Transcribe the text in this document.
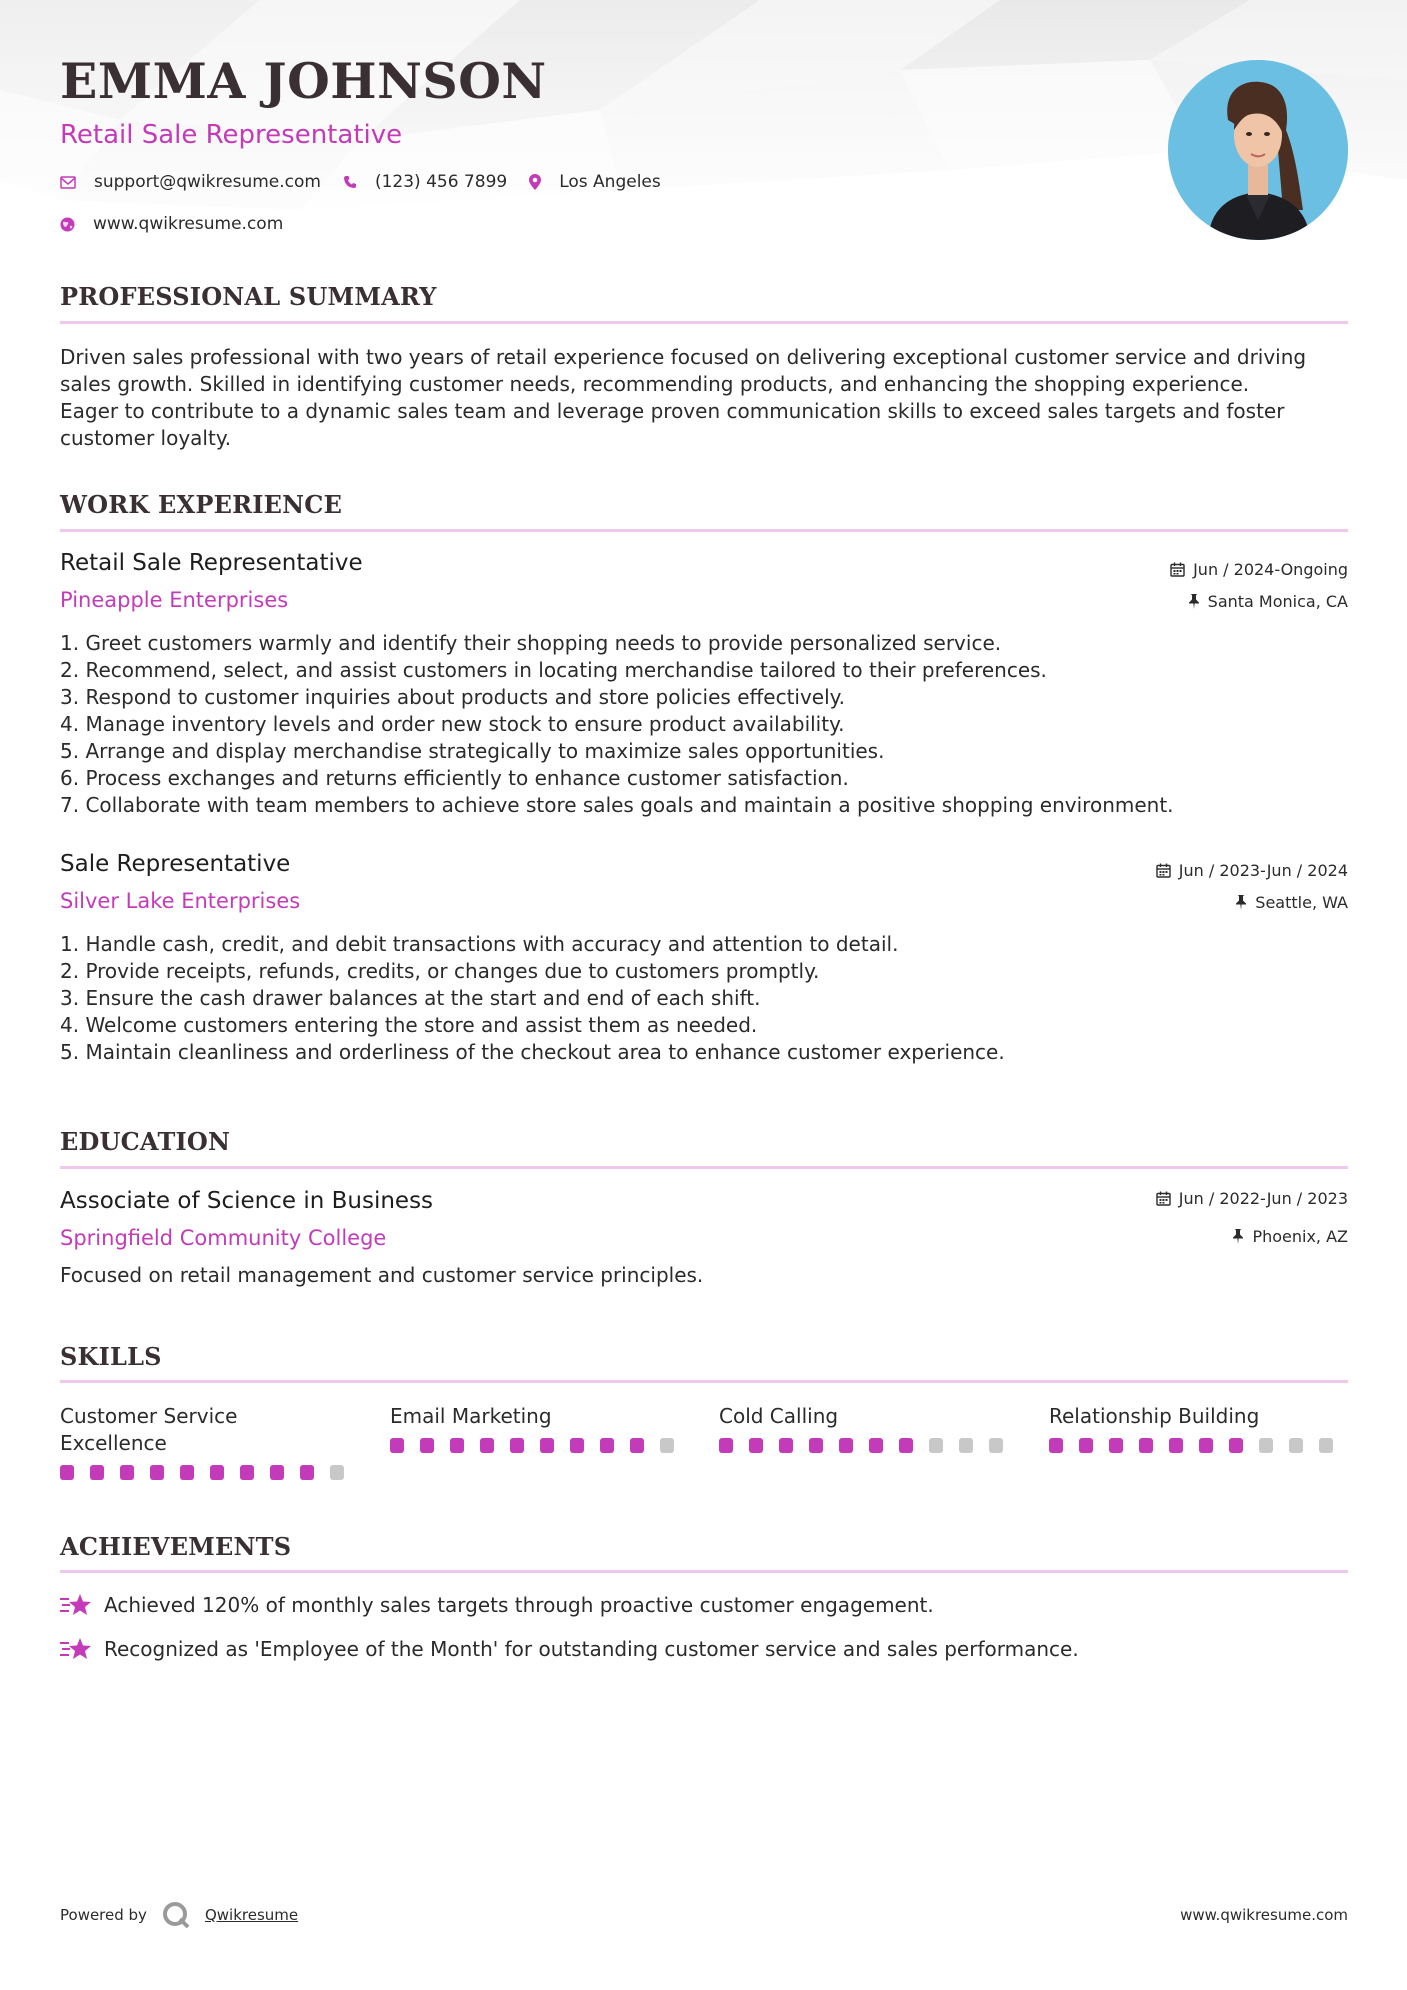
EMMA JOHNSON
Retail Sale Representative
support@qwikresume.com	(123) 456 7899	Los Angeles
www.qwikresume.com
PROFESSIONAL SUMMARY
Driven sales professional with two years of retail experience focused on delivering exceptional customer service and driving
sales growth. Skilled in identifying customer needs, recommending products, and enhancing the shopping experience.
Eager to contribute to a dynamic sales team and leverage proven communication skills to exceed sales targets and foster
customer loyalty.
WORK EXPERIENCE
Retail Sale Representative	Jun / 2024-Ongoing
Pineapple Enterprises	Santa Monica, CA
1. Greet customers warmly and identify their shopping needs to provide personalized service.
2. Recommend, select, and assist customers in locating merchandise tailored to their preferences.
3. Respond to customer inquiries about products and store policies effectively.
4. Manage inventory levels and order new stock to ensure product availability.
5. Arrange and display merchandise strategically to maximize sales opportunities.
6. Process exchanges and returns efficiently to enhance customer satisfaction.
7. Collaborate with team members to achieve store sales goals and maintain a positive shopping environment.
Sale Representative	Jun / 2023-Jun / 2024
Silver Lake Enterprises	Seattle, WA
1. Handle cash, credit, and debit transactions with accuracy and attention to detail.
2. Provide receipts, refunds, credits, or changes due to customers promptly.
3. Ensure the cash drawer balances at the start and end of each shift.
4. Welcome customers entering the store and assist them as needed.
5. Maintain cleanliness and orderliness of the checkout area to enhance customer experience.
EDUCATION
Associate of Science in Business	Jun / 2022-Jun / 2023
Springfield Community College	Phoenix, AZ
Focused on retail management and customer service principles.
SKILLS
Customer Service
Excellence
Email Marketing	Cold Calling	Relationship Building
ACHIEVEMENTS
Achieved 120% of monthly sales targets through proactive customer engagement.
Recognized as 'Employee of the Month' for outstanding customer service and sales performance.
Powered by	Qwikresume	www.qwikresume.com
